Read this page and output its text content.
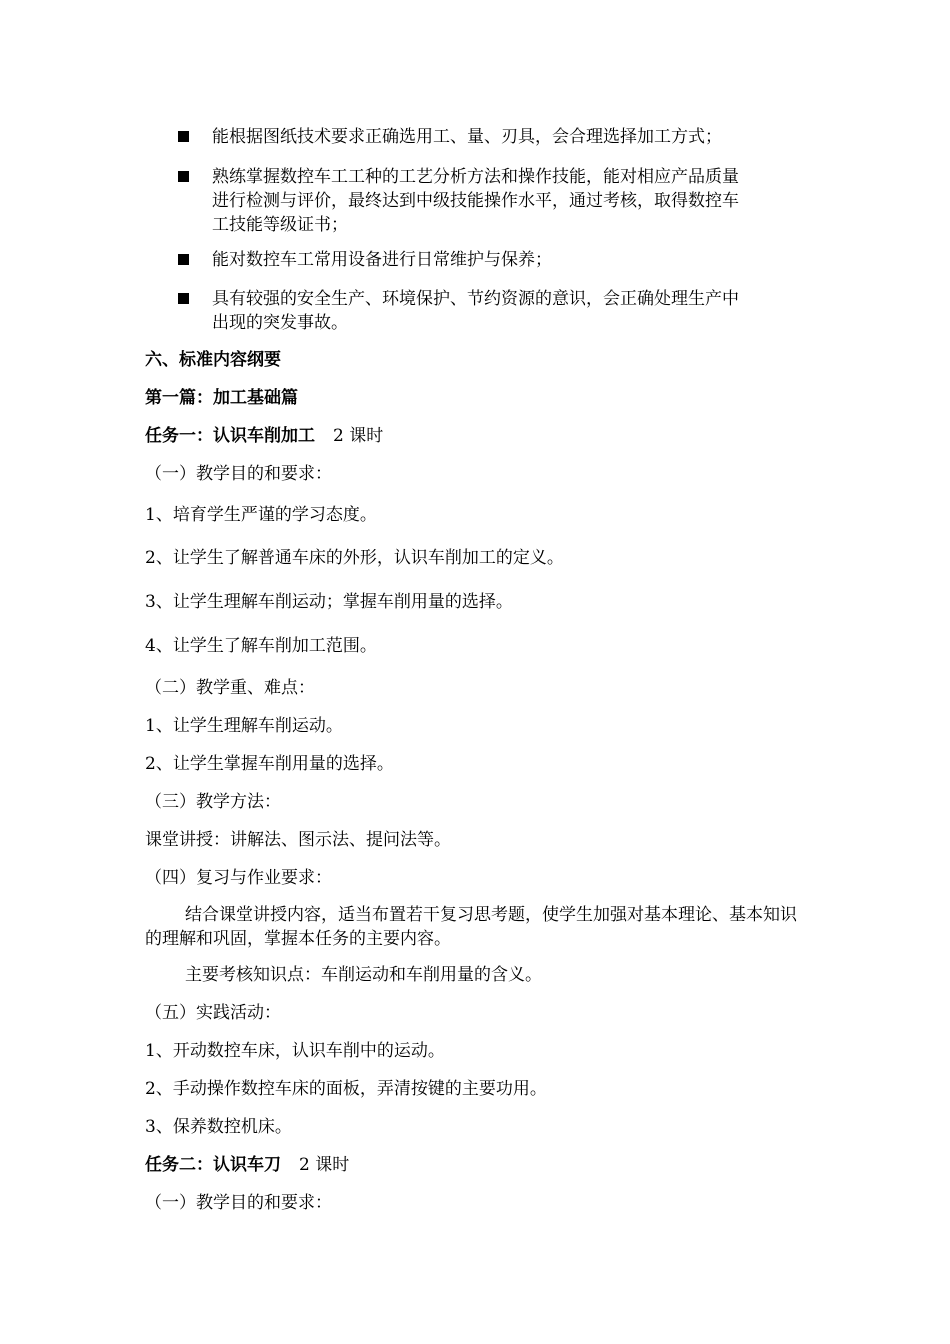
能根据图纸技术要求正确选用工、量、刃具，会合理选择加工方式；
熟练掌握数控车工工种的工艺分析方法和操作技能，能对相应产品质量
进行检测与评价，最终达到中级技能操作水平，通过考核，取得数控车
工技能等级证书；
能对数控车工常用设备进行日常维护与保养；
具有较强的安全生产、环境保护、节约资源的意识，会正确处理生产中
出现的突发事故。
六、标准内容纲要
第一篇：加工基础篇
任务一：认识车削加工 2 课时
（一）教学目的和要求：
1、培育学生严谨的学习态度。
2、让学生了解普通车床的外形，认识车削加工的定义。
3、让学生理解车削运动；掌握车削用量的选择。
4、让学生了解车削加工范围。
（二）教学重、难点：
1、让学生理解车削运动。
2、让学生掌握车削用量的选择。
（三）教学方法：
课堂讲授：讲解法、图示法、提问法等。
（四）复习与作业要求：
结合课堂讲授内容，适当布置若干复习思考题，使学生加强对基本理论、基本知识的理解和巩固，掌握本任务的主要内容。
主要考核知识点：车削运动和车削用量的含义。
（五）实践活动：
1、开动数控车床，认识车削中的运动。
2、手动操作数控车床的面板，弄清按键的主要功用。
3、保养数控机床。
任务二：认识车刀 2 课时
（一）教学目的和要求：
